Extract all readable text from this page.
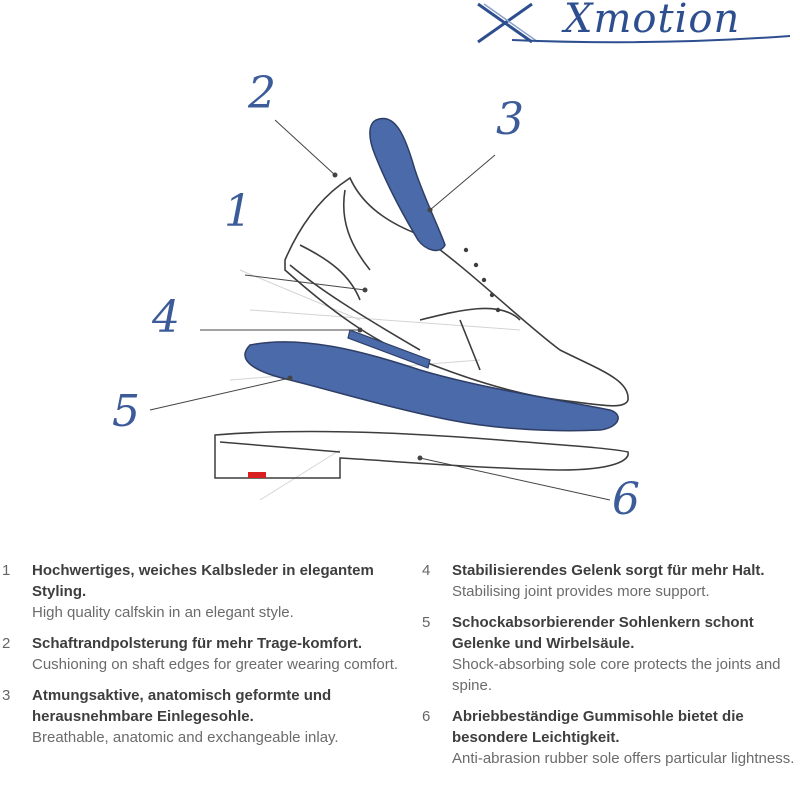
Xmotion
2
3
1
4
5
6
1 Hochwertiges, weiches Kalbsleder in elegantem Styling.
High quality calfskin in an elegant style.
2 Schaftrandpolsterung für mehr Trage-komfort.
Cushioning on shaft edges for greater wearing comfort.
3 Atmungsaktive, anatomisch geformte und herausnehmbare Einlegesohle.
Breathable, anatomic and exchangeable inlay.
4 Stabilisierendes Gelenk sorgt für mehr Halt.
Stabilising joint provides more support.
5 Schockabsorbierender Sohlenkern schont Gelenke und Wirbelsäule.
Shock-absorbing sole core protects the joints and spine.
6 Abriebbeständige Gummisohle bietet die besondere Leichtigkeit.
Anti-abrasion rubber sole offers particular lightness.
